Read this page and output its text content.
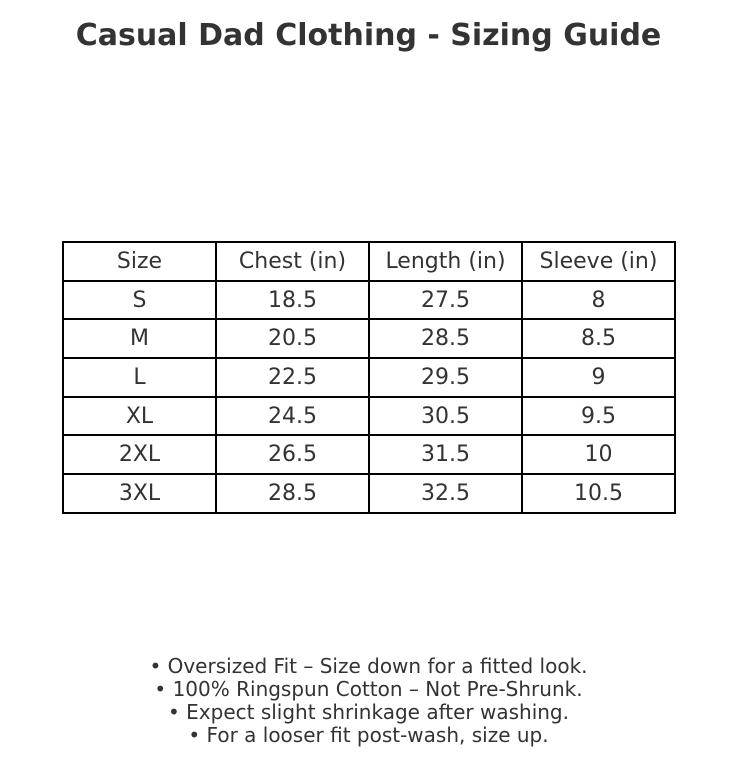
Casual Dad Clothing - Sizing Guide
Size	Chest (in)	Length (in)	Sleeve (in)
S	18.5	27.5	8
M	20.5	28.5	8.5
L	22.5	29.5	9
XL	24.5	30.5	9.5
2XL	26.5	31.5	10
3XL	28.5	32.5	10.5
• Oversized Fit – Size down for a fitted look.
• 100% Ringspun Cotton – Not Pre-Shrunk.
• Expect slight shrinkage after washing.
• For a looser fit post-wash, size up.
